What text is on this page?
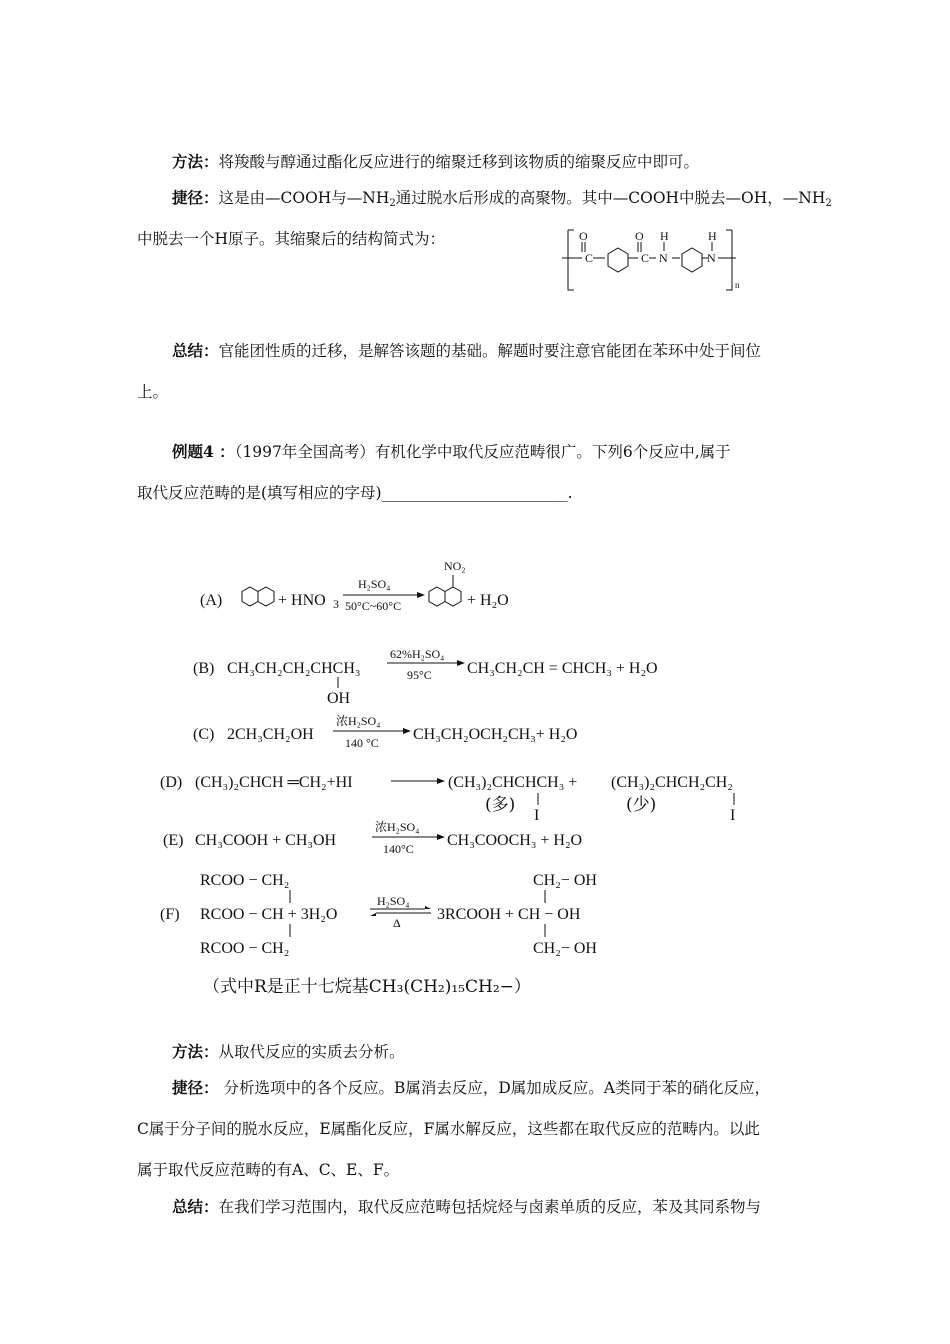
方法：将羧酸与醇通过酯化反应进行的缩聚迁移到该物质的缩聚反应中即可。
捷径：这是由—COOH与$—NH_2$通过脱水后形成的高聚物。其中—COOH中脱去—OH，$—NH_2$
中脱去一个H原子。其缩聚后的结构简式为：	O
C
O
C
H
N
H
N
n
总结：官能团性质的迁移，是解答该题的基础。解题时要注意官能团在苯环中处于间位
上。
例题4 ：（1997年全国高考）有机化学中取代反应范畴很广。下列6个反应中,属于
取代反应范畴的是(填写相应的字母)________________________.
(A)	+ HNO 3
H₂SO₄
50°C~60°C
NO₂
+ H₂O
(B) CH₃CH₂CH₂CHCH₃
OH
62%H₂SO₄
95°C CH₃CH₂CH = CHCH₃ + H₂O
(C) 2CH₃CH₂OH
浓H₂SO₄
140 °C CH₃CH₂OCH₂CH₃+ H₂O
(D) (CH₃)₂CHCH ═CH₂+HI	(CH₃)₂CHCHCH₃ + (CH₃)₂CHCH₂CH₂
I	I
(多)	(少)
(E) CH₃COOH + CH₃OH
浓H₂SO₄
140°C CH₃COOCH₃ + H₂O
RCOO − CH₂
(F) RCOO − CH + 3H₂O
RCOO − CH₂
H₂SO₄
Δ
CH₂− OH
3RCOOH + CH − OH
CH₂− OH
（式中R是正十七烷基CH₃(CH₂)₁₅CH₂−）
方法：从取代反应的实质去分析。
捷径： 分析选项中的各个反应。B属消去反应，D属加成反应。A类同于苯的硝化反应，
C属于分子间的脱水反应，E属酯化反应，F属水解反应，这些都在取代反应的范畴内。以此
属于取代反应范畴的有A、C、E、F。
总结：在我们学习范围内，取代反应范畴包括烷烃与卤素单质的反应，苯及其同系物与
